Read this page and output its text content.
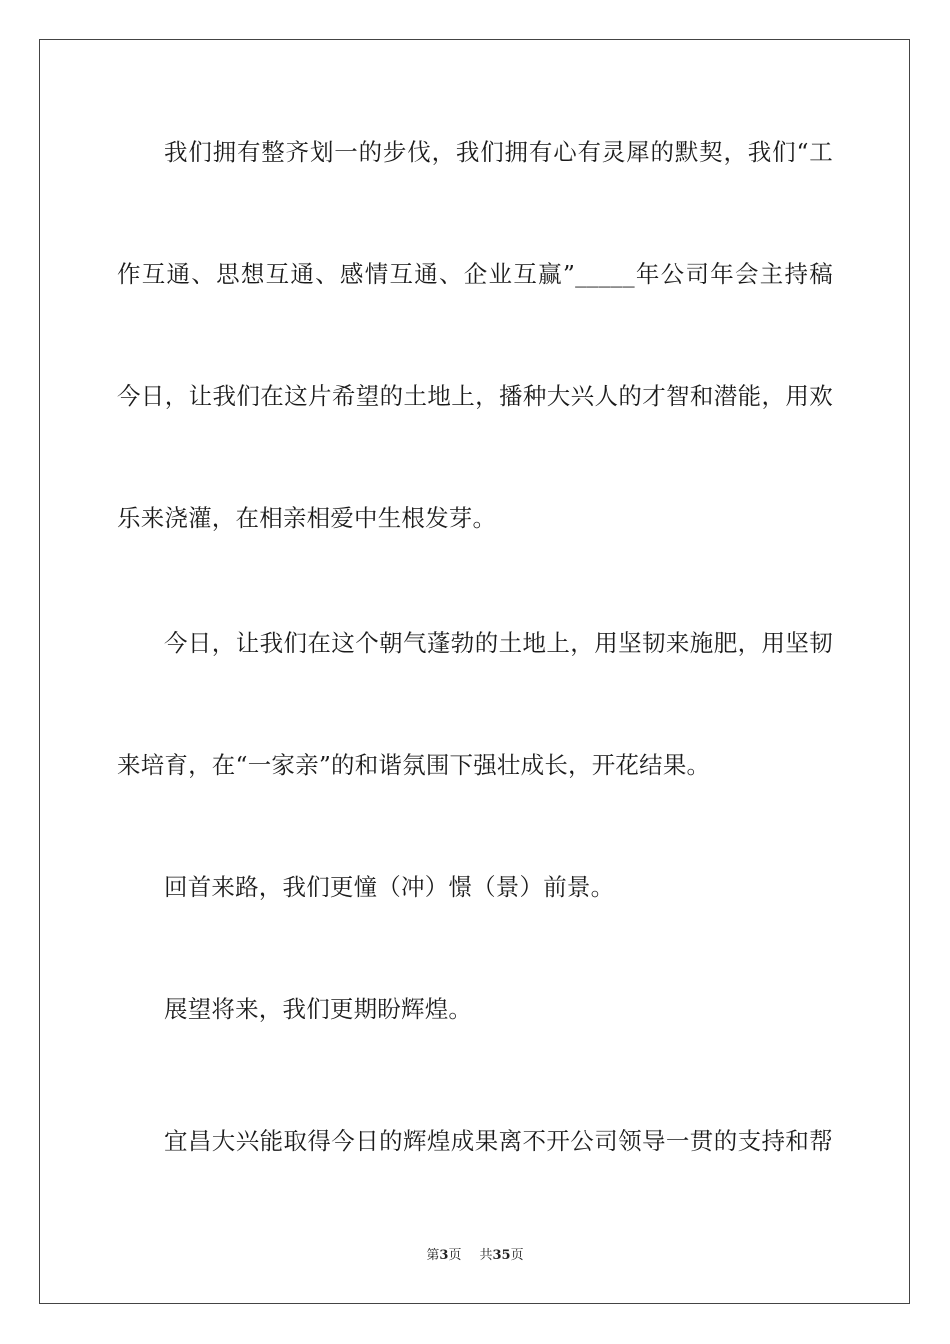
我们拥有整齐划一的步伐，我们拥有心有灵犀的默契，我们“工
作互通、思想互通、感情互通、企业互赢”_____年公司年会主持稿
今日，让我们在这片希望的土地上，播种大兴人的才智和潜能，用欢
乐来浇灌，在相亲相爱中生根发芽。
今日，让我们在这个朝气蓬勃的土地上，用坚韧来施肥，用坚韧
来培育，在“一家亲”的和谐氛围下强壮成长，开花结果。
回首来路，我们更憧（冲）憬（景）前景。
展望将来，我们更期盼辉煌。
宜昌大兴能取得今日的辉煌成果离不开公司领导一贯的支持和帮
第3页 共35页
